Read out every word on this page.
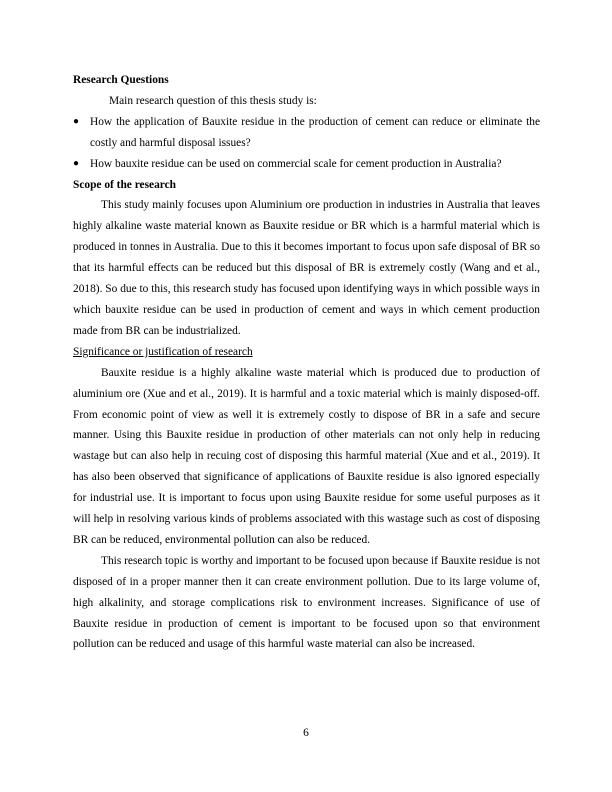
Research Questions

Main research question of this thesis study is:

● How the application of Bauxite residue in the production of cement can reduce or eliminate the costly and harmful disposal issues?
● How bauxite residue can be used on commercial scale for cement production in Australia?
Scope of the research

This study mainly focuses upon Aluminium ore production in industries in Australia that leaves highly alkaline waste material known as Bauxite residue or BR which is a harmful material which is produced in tonnes in Australia. Due to this it becomes important to focus upon safe disposal of BR so that its harmful effects can be reduced but this disposal of BR is extremely costly (Wang and et al., 2018). So due to this, this research study has focused upon identifying ways in which possible ways in which bauxite residue can be used in production of cement and ways in which cement production made from BR can be industrialized.

Significance or justification of research

Bauxite residue is a highly alkaline waste material which is produced due to production of aluminium ore (Xue and et al., 2019). It is harmful and a toxic material which is mainly disposed-off. From economic point of view as well it is extremely costly to dispose of BR in a safe and secure manner. Using this Bauxite residue in production of other materials can not only help in reducing wastage but can also help in recuing cost of disposing this harmful material (Xue and et al., 2019). It has also been observed that significance of applications of Bauxite residue is also ignored especially for industrial use. It is important to focus upon using Bauxite residue for some useful purposes as it will help in resolving various kinds of problems associated with this wastage such as cost of disposing BR can be reduced, environmental pollution can also be reduced.

This research topic is worthy and important to be focused upon because if Bauxite residue is not disposed of in a proper manner then it can create environment pollution. Due to its large volume of, high alkalinity, and storage complications risk to environment increases. Significance of use of Bauxite residue in production of cement is important to be focused upon so that environment pollution can be reduced and usage of this harmful waste material can also be increased.

6
